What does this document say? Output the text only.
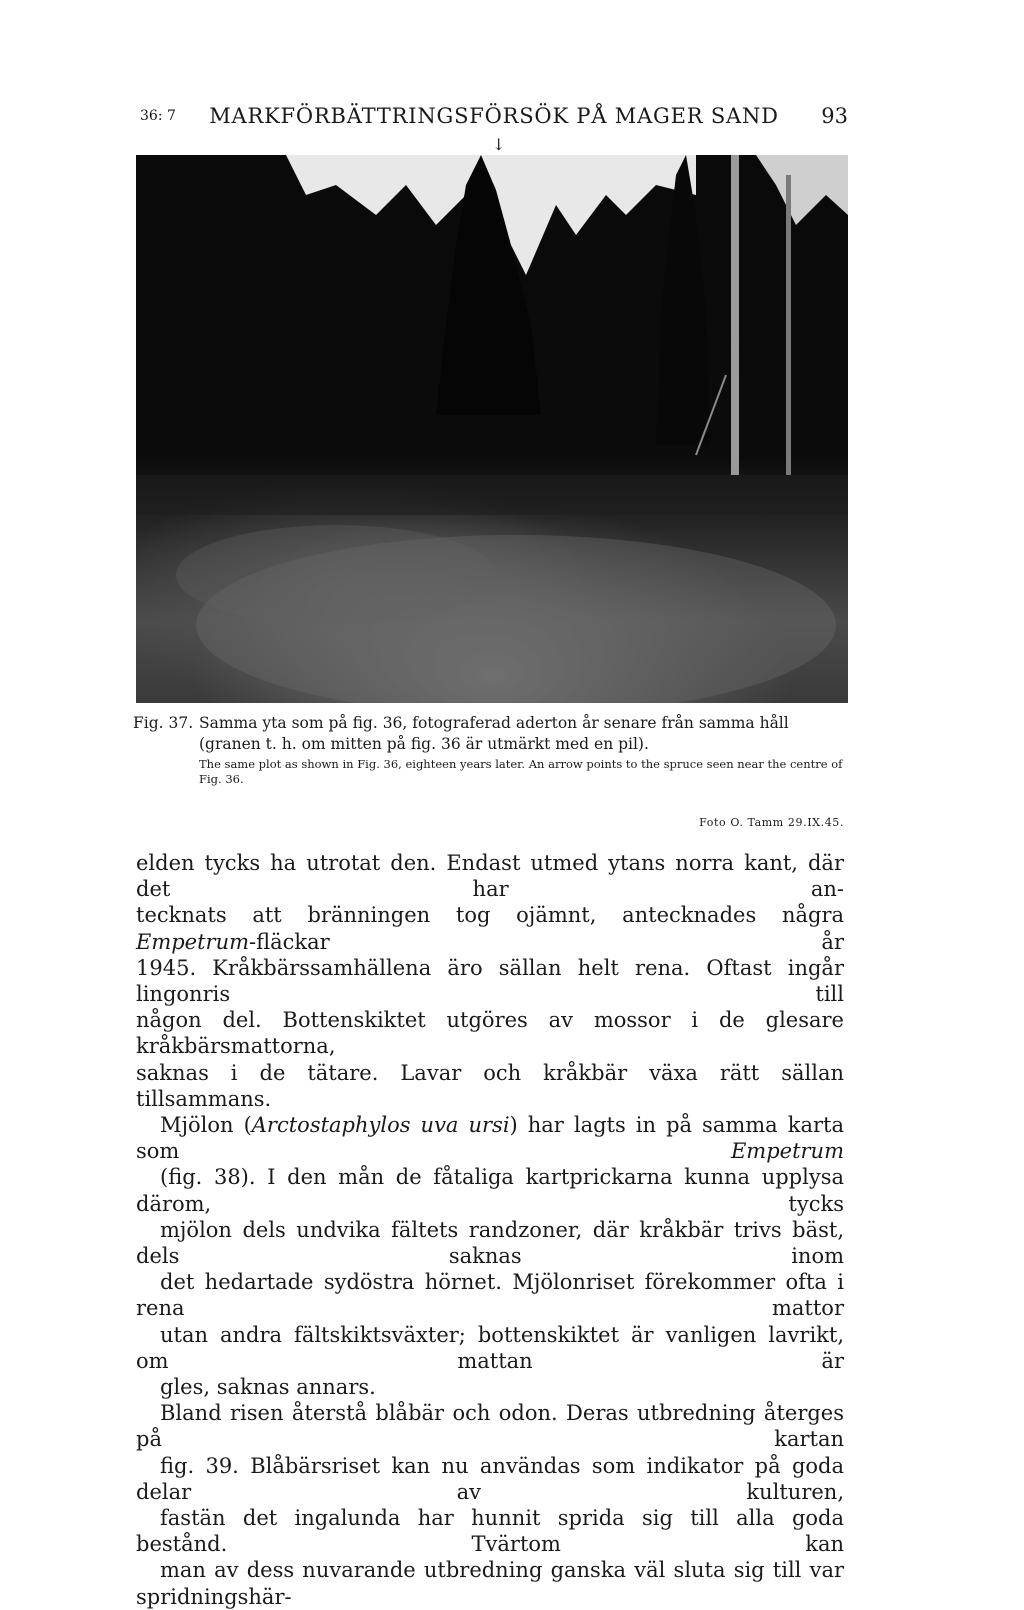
36: 7	MARKFÖRBÄTTRINGSFÖRSÖK PÅ MAGER SAND	93
↓
Fig. 37. Samma yta som på fig. 36, fotograferad aderton år senare från samma håll
(granen t. h. om mitten på fig. 36 är utmärkt med en pil).
The same plot as shown in Fig. 36, eighteen years later. An arrow points to the spruce seen near the centre of Fig. 36.
Foto O. Tamm 29.IX.45.

elden tycks ha utrotat den. Endast utmed ytans norra kant, där det har an-
tecknats att bränningen tog ojämnt, antecknades några Empetrum-fläckar år
1945. Kråkbärssamhällena äro sällan helt rena. Oftast ingår lingonris till
någon del. Bottenskiktet utgöres av mossor i de glesare kråkbärsmattorna,
saknas i de tätare. Lavar och kråkbär växa rätt sällan tillsammans.

Mjölon (Arctostaphylos uva ursi) har lagts in på samma karta som Empetrum
(fig. 38). I den mån de fåtaliga kartprickarna kunna upplysa därom, tycks
mjölon dels undvika fältets randzoner, där kråkbär trivs bäst, dels saknas inom
det hedartade sydöstra hörnet. Mjölonriset förekommer ofta i rena mattor
utan andra fältskiktsväxter; bottenskiktet är vanligen lavrikt, om mattan är
gles, saknas annars.

Bland risen återstå blåbär och odon. Deras utbredning återges på kartan
fig. 39. Blåbärsriset kan nu användas som indikator på goda delar av kulturen,
fastän det ingalunda har hunnit sprida sig till alla goda bestånd. Tvärtom kan
man av dess nuvarande utbredning ganska väl sluta sig till var spridningshär-
